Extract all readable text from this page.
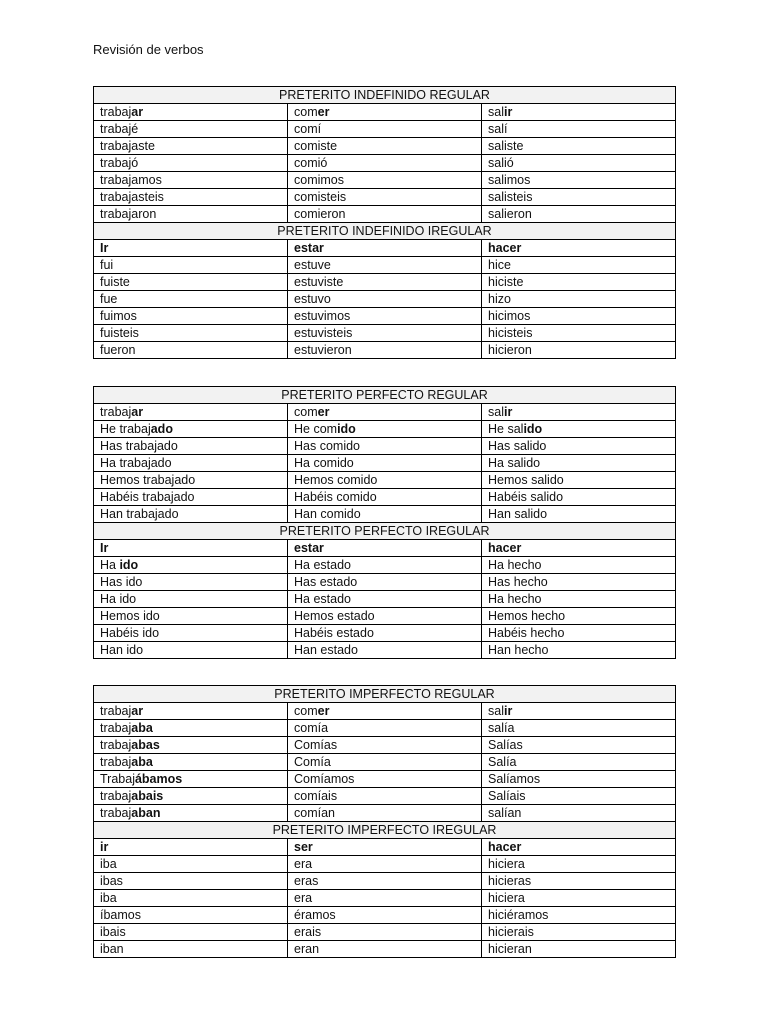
Revisión de verbos
PRETERITO INDEFINIDO REGULAR		
trabajar	comer	salir
trabajé	comí	salí
trabajaste	comiste	saliste
trabajó	comió	salió
trabajamos	comimos	salimos
trabajasteis	comisteis	salisteis
trabajaron	comieron	salieron
PRETERITO INDEFINIDO IREGULAR		
Ir	estar	hacer
fui	estuve	hice
fuiste	estuviste	hiciste
fue	estuvo	hizo
fuimos	estuvimos	hicimos
fuisteis	estuvisteis	hicisteis
fueron	estuvieron	hicieron
PRETERITO PERFECTO REGULAR		
trabajar	comer	salir
He trabajado	He comido	He salido
Has trabajado	Has comido	Has salido
Ha trabajado	Ha comido	Ha salido
Hemos trabajado	Hemos comido	Hemos salido
Habéis trabajado	Habéis comido	Habéis salido
Han trabajado	Han comido	Han salido
PRETERITO PERFECTO IREGULAR		
Ir	estar	hacer
Ha ido	Ha estado	Ha hecho
Has ido	Has estado	Has hecho
Ha ido	Ha estado	Ha hecho
Hemos ido	Hemos estado	Hemos hecho
Habéis ido	Habéis estado	Habéis hecho
Han ido	Han estado	Han hecho
PRETERITO IMPERFECTO REGULAR		
trabajar	comer	salir
trabajaba	comía	salía
trabajabas	Comías	Salías
trabajaba	Comía	Salía
Trabajábamos	Comíamos	Salíamos
trabajabais	comíais	Salíais
trabajaban	comían	salían
PRETERITO IMPERFECTO IREGULAR		
ir	ser	hacer
iba	era	hiciera
ibas	eras	hicieras
iba	era	hiciera
íbamos	éramos	hiciéramos
ibais	erais	hicierais
iban	eran	hicieran
